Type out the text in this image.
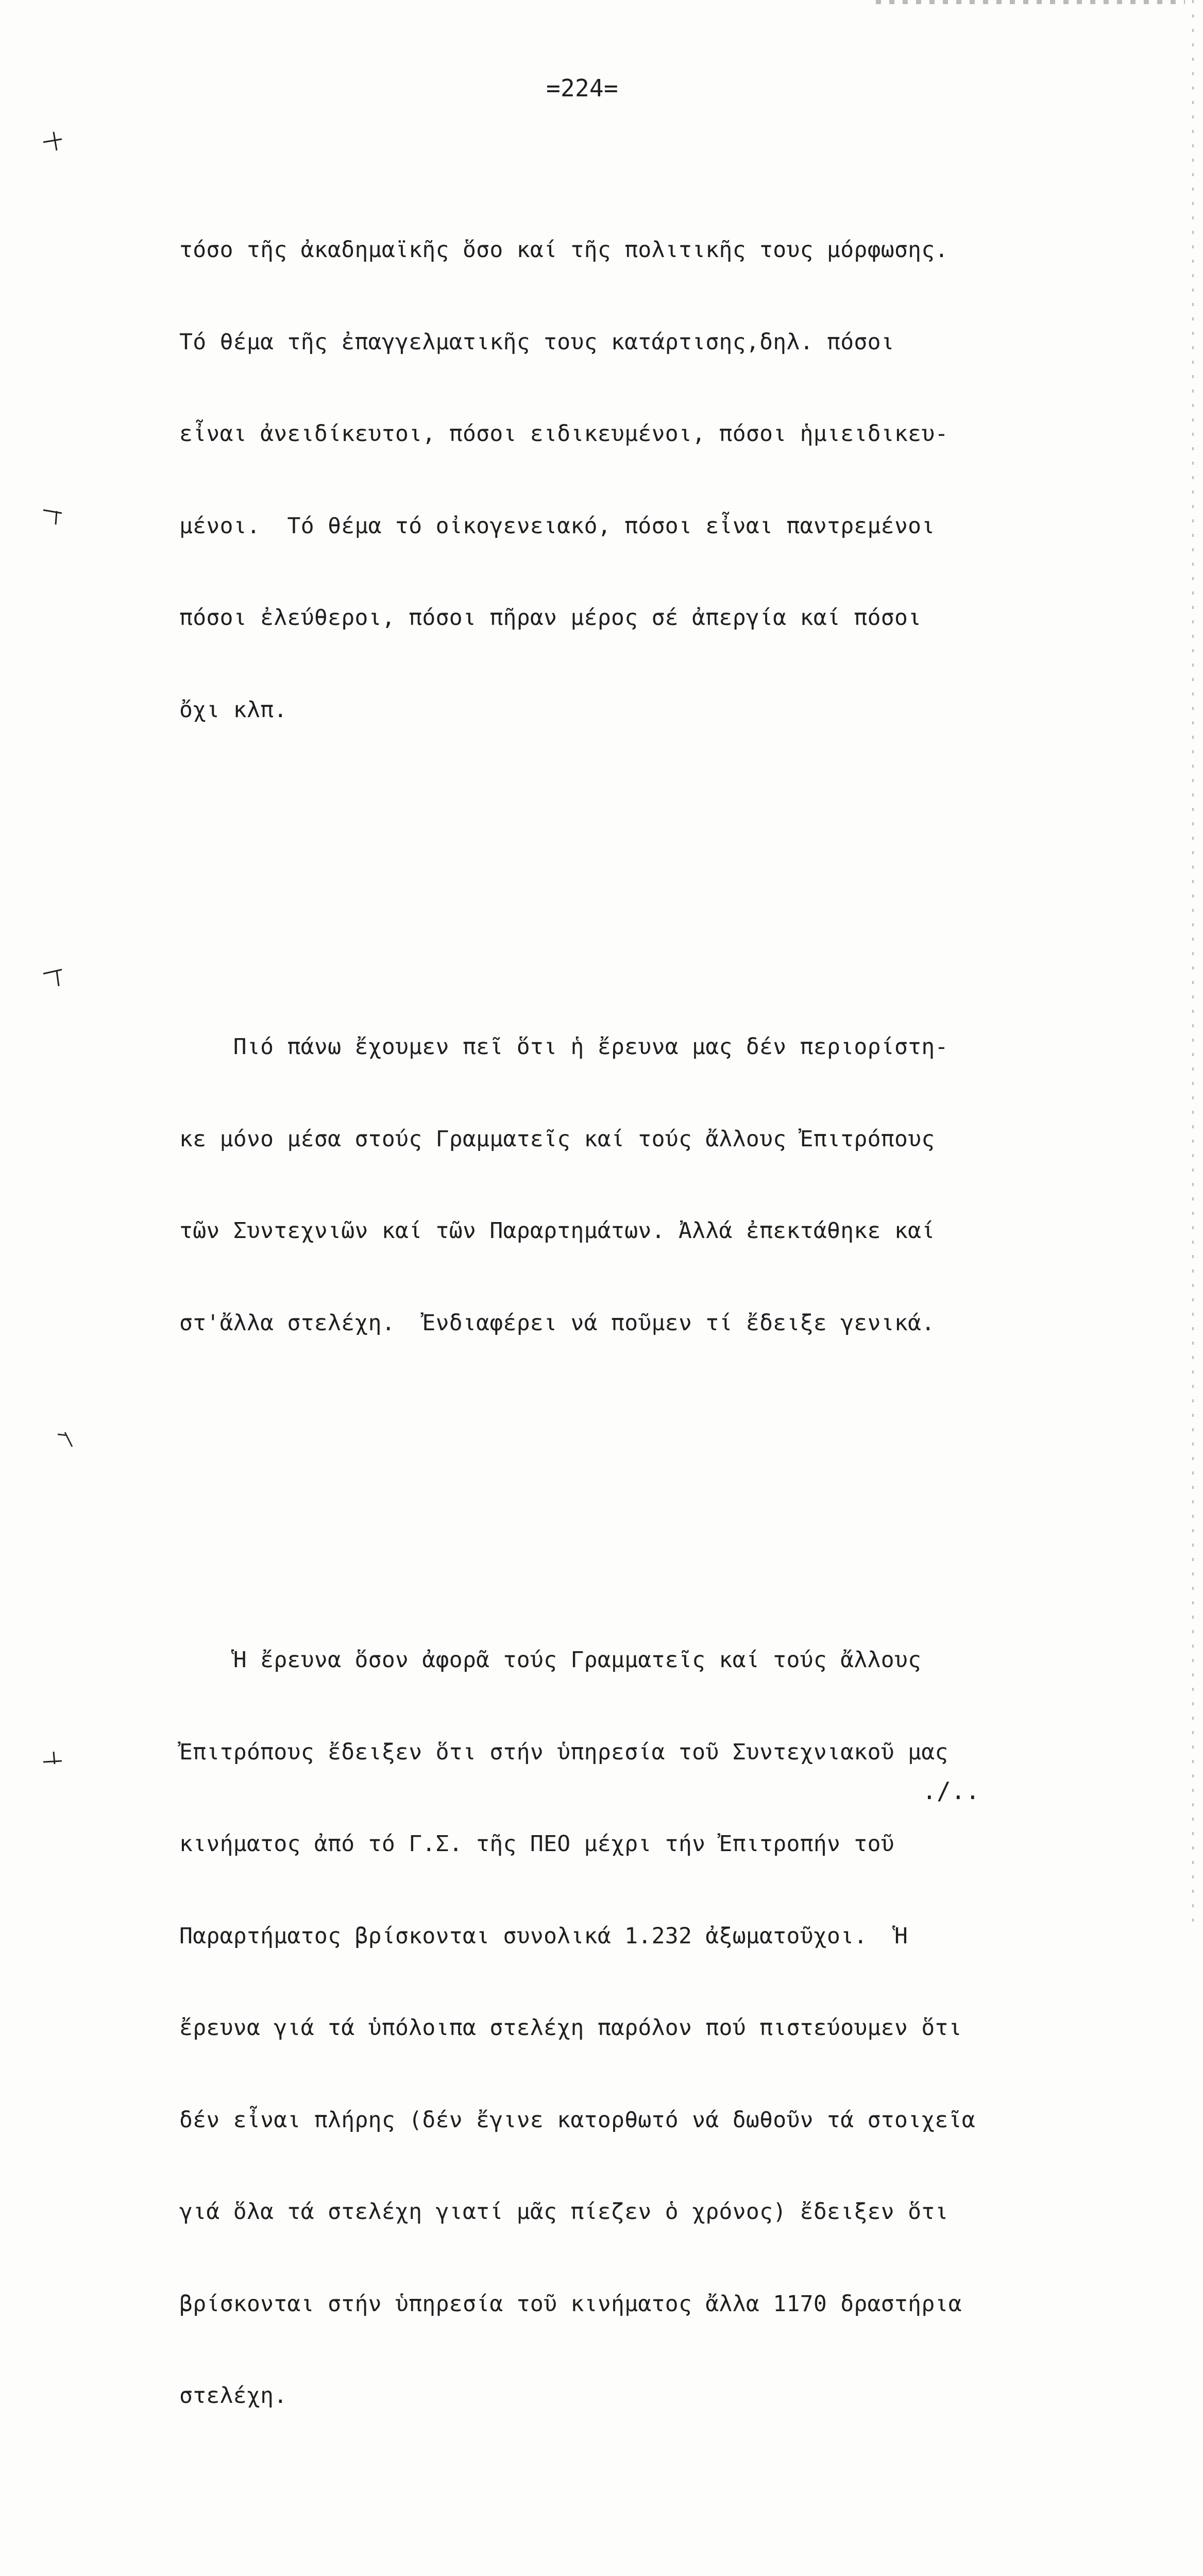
=224=

τόσο τῆς ἀκαδημαϊκῆς ὅσο καί τῆς πολιτικῆς τους μόρφωσης.

Τό θέμα τῆς ἐπαγγελματικῆς τους κατάρτισης,δηλ. πόσοι

εἶναι ἀνειδίκευτοι, πόσοι ειδικευμένοι, πόσοι ἡμιειδικευ-

μένοι.  Τό θέμα τό οἰκογενειακό, πόσοι εἶναι παντρεμένοι

πόσοι ἐλεύθεροι, πόσοι πῆραν μέρος σέ ἀπεργία καί πόσοι

ὄχι κλπ.

Πιό πάνω ἔχουμεν πεῖ ὅτι ἡ ἔρευνα μας δέν περιορίστη-

κε μόνο μέσα στούς Γραμματεῖς καί τούς ἄλλους Ἐπιτρόπους

τῶν Συντεχνιῶν καί τῶν Παραρτημάτων. Ἀλλά ἐπεκτάθηκε καί

στ'ἄλλα στελέχη.  Ἐνδιαφέρει νά ποῦμεν τί ἔδειξε γενικά.

Ἡ ἔρευνα ὅσον ἀφορᾶ τούς Γραμματεῖς καί τούς ἄλλους

Ἐπιτρόπους ἔδειξεν ὅτι στήν ὑπηρεσία τοῦ Συντεχνιακοῦ μας

κινήματος ἀπό τό Γ.Σ. τῆς ΠΕΟ μέχρι τήν Ἐπιτροπήν τοῦ

Παραρτήματος βρίσκονται συνολικά 1.232 ἀξωματοῦχοι.  Ἡ

ἔρευνα γιά τά ὑπόλοιπα στελέχη παρόλον πού πιστεύουμεν ὅτι

δέν εἶναι πλήρης (δέν ἔγινε κατορθωτό νά δωθοῦν τά στοιχεῖα

γιά ὅλα τά στελέχη γιατί μᾶς πίεζεν ὁ χρόνος) ἔδειξεν ὅτι

βρίσκονται στήν ὑπηρεσία τοῦ κινήματος ἄλλα 1170 δραστήρια

στελέχη.

./..
